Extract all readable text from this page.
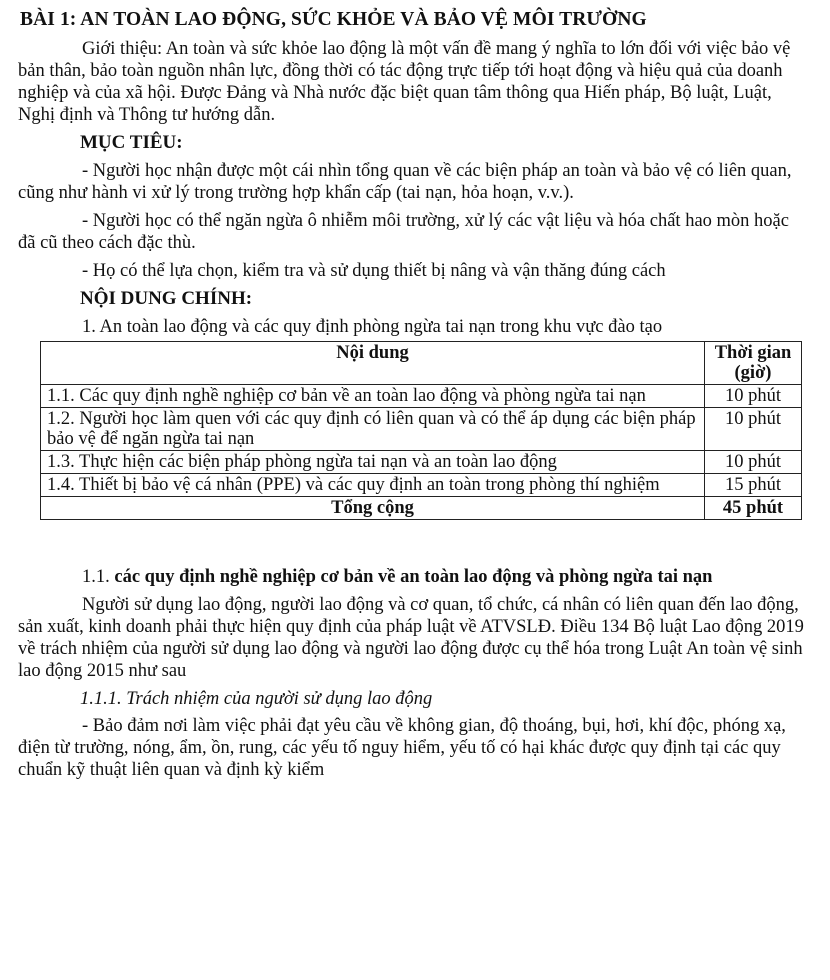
BÀI 1: AN TOÀN LAO ĐỘNG, SỨC KHỎE VÀ BẢO VỆ MÔI TRƯỜNG

Giới thiệu: An toàn và sức khỏe lao động là một vấn đề mang ý nghĩa to lớn đối với việc bảo vệ bản thân, bảo toàn nguồn nhân lực, đồng thời có tác động trực tiếp tới hoạt động và hiệu quả của doanh nghiệp và của xã hội. Được Đảng và Nhà nước đặc biệt quan tâm thông qua Hiến pháp, Bộ luật, Luật, Nghị định và Thông tư hướng dẫn.

MỤC TIÊU:

- Người học nhận được một cái nhìn tổng quan về các biện pháp an toàn và bảo vệ có liên quan, cũng như hành vi xử lý trong trường hợp khẩn cấp (tai nạn, hỏa hoạn, v.v.).

- Người học có thể ngăn ngừa ô nhiễm môi trường, xử lý các vật liệu và hóa chất hao mòn hoặc đã cũ theo cách đặc thù.

- Họ có thể lựa chọn, kiểm tra và sử dụng thiết bị nâng và vận thăng đúng cách

NỘI DUNG CHÍNH:

1. An toàn lao động và các quy định phòng ngừa tai nạn trong khu vực đào tạo

Nội dung	Thời gian (giờ)
1.1. Các quy định nghề nghiệp cơ bản về an toàn lao động và phòng ngừa tai nạn	10 phút
1.2. Người học làm quen với các quy định có liên quan và có thể áp dụng các biện pháp bảo vệ để ngăn ngừa tai nạn	10 phút
1.3. Thực hiện các biện pháp phòng ngừa tai nạn và an toàn lao động	10 phút
1.4. Thiết bị bảo vệ cá nhân (PPE) và các quy định an toàn trong phòng thí nghiệm	15 phút
Tổng cộng	45 phút

1.1. các quy định nghề nghiệp cơ bản về an toàn lao động và phòng ngừa tai nạn

Người sử dụng lao động, người lao động và cơ quan, tổ chức, cá nhân có liên quan đến lao động, sản xuất, kinh doanh phải thực hiện quy định của pháp luật về ATVSLĐ. Điều 134 Bộ luật Lao động 2019 về trách nhiệm của người sử dụng lao động và người lao động được cụ thể hóa trong Luật An toàn vệ sinh lao động 2015 như sau

1.1.1. Trách nhiệm của người sử dụng lao động

- Bảo đảm nơi làm việc phải đạt yêu cầu về không gian, độ thoáng, bụi, hơi, khí độc, phóng xạ, điện từ trường, nóng, ẩm, ồn, rung, các yếu tố nguy hiểm, yếu tố có hại khác được quy định tại các quy chuẩn kỹ thuật liên quan và định kỳ kiểm
